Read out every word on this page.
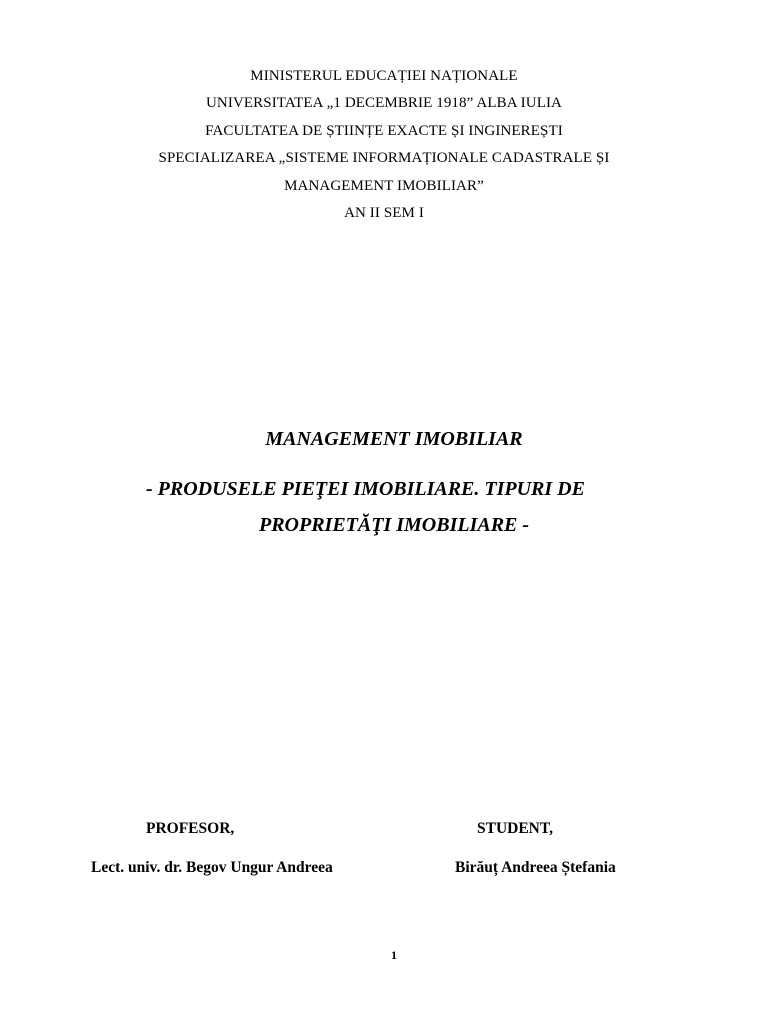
MINISTERUL EDUCAȚIEI NAȚIONALE
UNIVERSITATEA „1 DECEMBRIE 1918” ALBA IULIA
FACULTATEA DE ȘTIINȚE EXACTE ȘI INGINEREȘTI
SPECIALIZAREA „SISTEME INFORMAȚIONALE CADASTRALE ȘI
MANAGEMENT IMOBILIAR”
AN II SEM I
MANAGEMENT IMOBILIAR
- PRODUSELE PIEŢEI IMOBILIARE. TIPURI DE
PROPRIETĂŢI IMOBILIARE -
PROFESOR,
Lect. univ. dr. Begov Ungur Andreea
STUDENT,
Birăuț Andreea Ștefania
1
